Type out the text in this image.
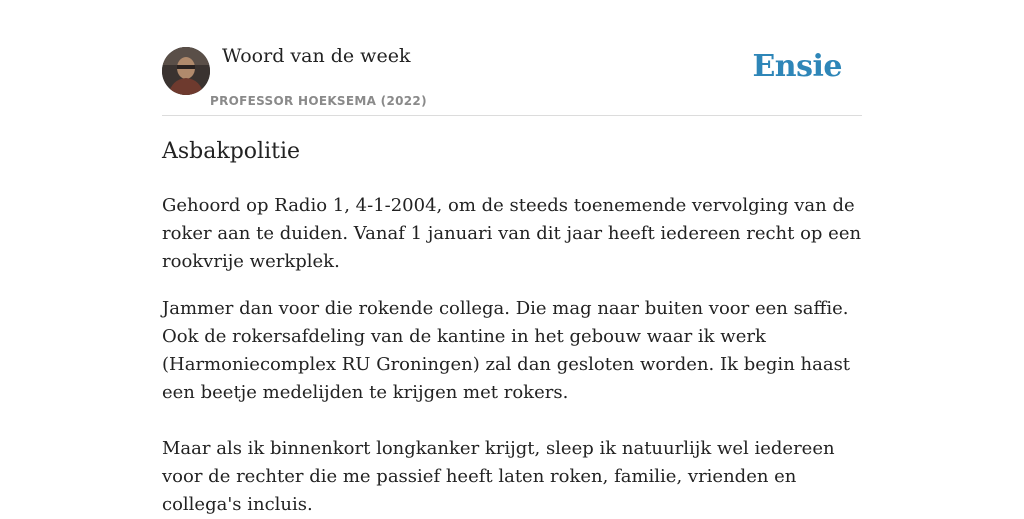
Woord van de week
PROFESSOR HOEKSEMA (2022)
Ensie
Asbakpolitie

Gehoord op Radio 1, 4-1-2004, om de steeds toenemende vervolging van de roker aan te duiden. Vanaf 1 januari van dit jaar heeft iedereen recht op een rookvrije werkplek.

Jammer dan voor die rokende collega. Die mag naar buiten voor een saffie. Ook de rokersafdeling van de kantine in het gebouw waar ik werk (Harmoniecomplex RU Groningen) zal dan gesloten worden. Ik begin haast een beetje medelijden te krijgen met rokers.

Maar als ik binnenkort longkanker krijgt, sleep ik natuurlijk wel iedereen voor de rechter die me passief heeft laten roken, familie, vrienden en collega's incluis.
